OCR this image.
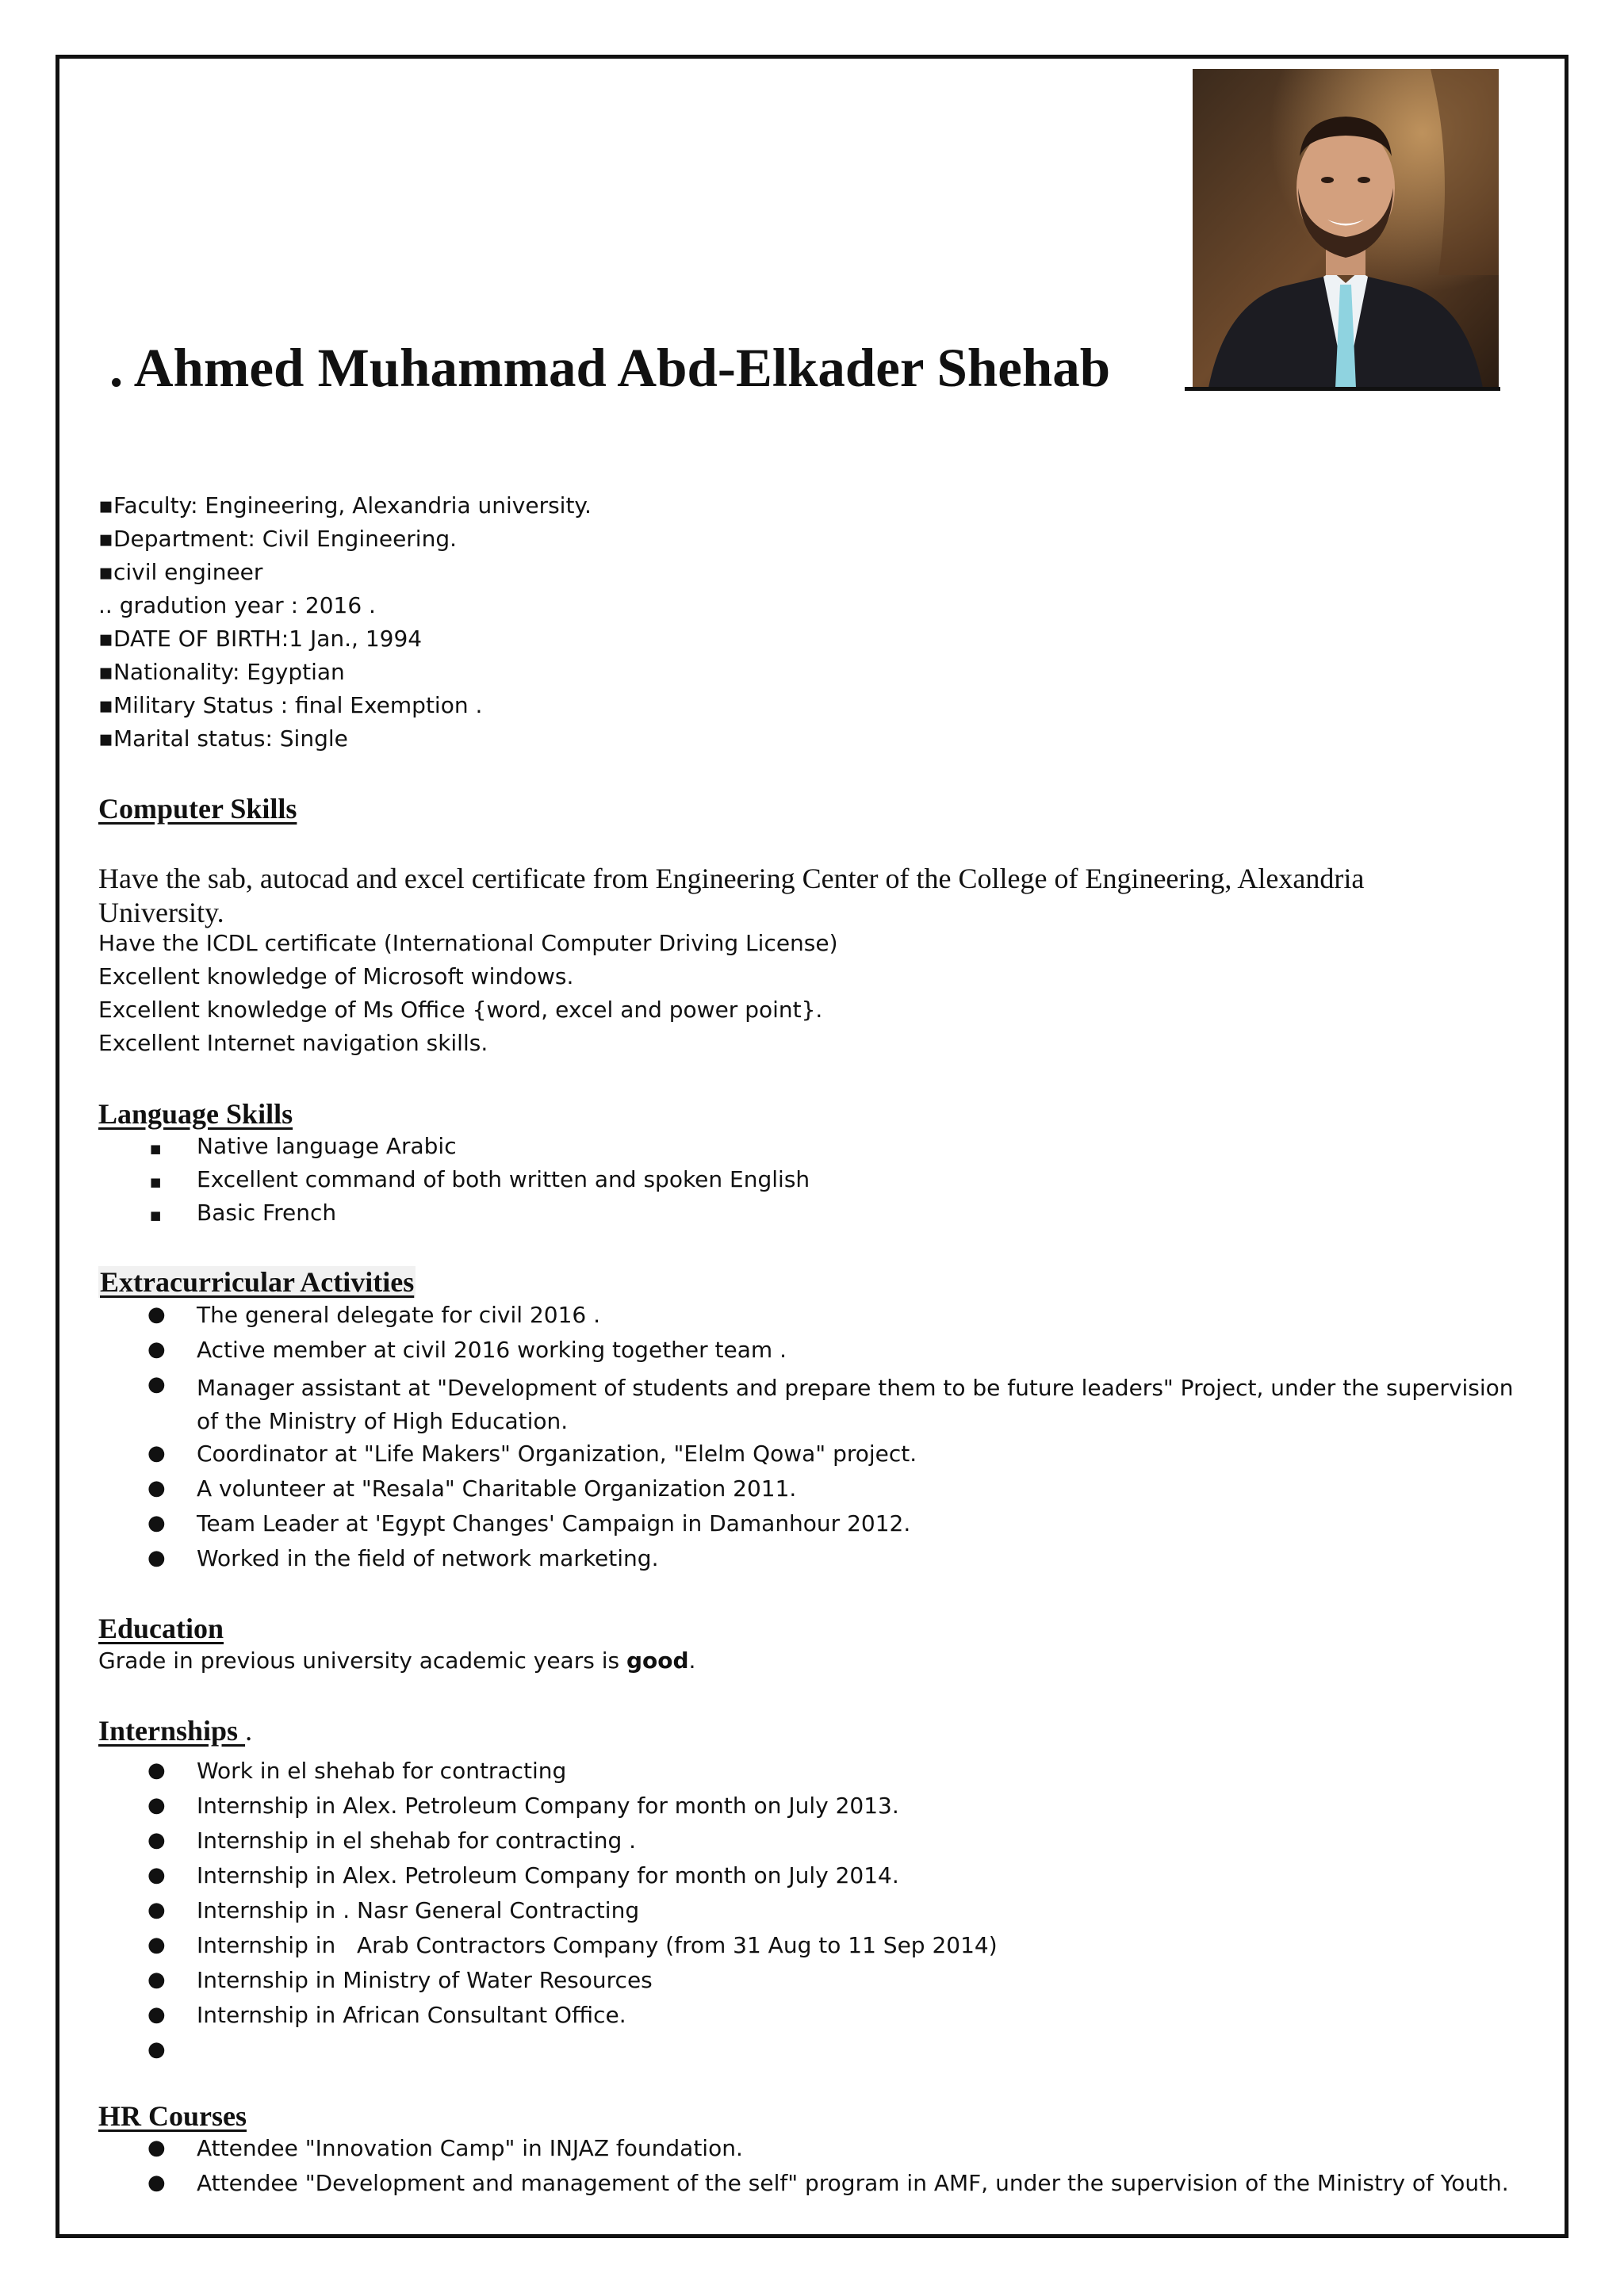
. Ahmed Muhammad Abd-Elkader Shehab
▪Faculty: Engineering, Alexandria university.
▪Department: Civil Engineering.
▪civil engineer
.. gradution year : 2016 .
▪DATE OF BIRTH:1 Jan., 1994
▪Nationality: Egyptian
▪Military Status : final Exemption .
▪Marital status: Single
Computer Skills
Have the sab, autocad and excel certificate from Engineering Center of the College of Engineering, Alexandria University.
Have the ICDL certificate (International Computer Driving License)
Excellent knowledge of Microsoft windows.
Excellent knowledge of Ms Office {word, excel and power point}.
Excellent Internet navigation skills.
Language Skills
■ Native language Arabic
■ Excellent command of both written and spoken English
■ Basic French
Extracurricular Activities
● The general delegate for civil 2016 .
● Active member at civil 2016 working together team .
● Manager assistant at "Development of students and prepare them to be future leaders" Project, under the supervision of the Ministry of High Education.
● Coordinator at "Life Makers" Organization, "Elelm Qowa" project.
● A volunteer at "Resala" Charitable Organization 2011.
● Team Leader at 'Egypt Changes' Campaign in Damanhour 2012.
● Worked in the field of network marketing.
Education
Grade in previous university academic years is good.
Internships .
● Work in el shehab for contracting
● Internship in Alex. Petroleum Company for month on July 2013.
● Internship in el shehab for contracting .
● Internship in Alex. Petroleum Company for month on July 2014.
● Internship in . Nasr General Contracting
● Internship in   Arab Contractors Company (from 31 Aug to 11 Sep 2014)
● Internship in Ministry of Water Resources
● Internship in African Consultant Office.
●
HR Courses
● Attendee "Innovation Camp" in INJAZ foundation.
● Attendee "Development and management of the self" program in AMF, under the supervision of the Ministry of Youth.
